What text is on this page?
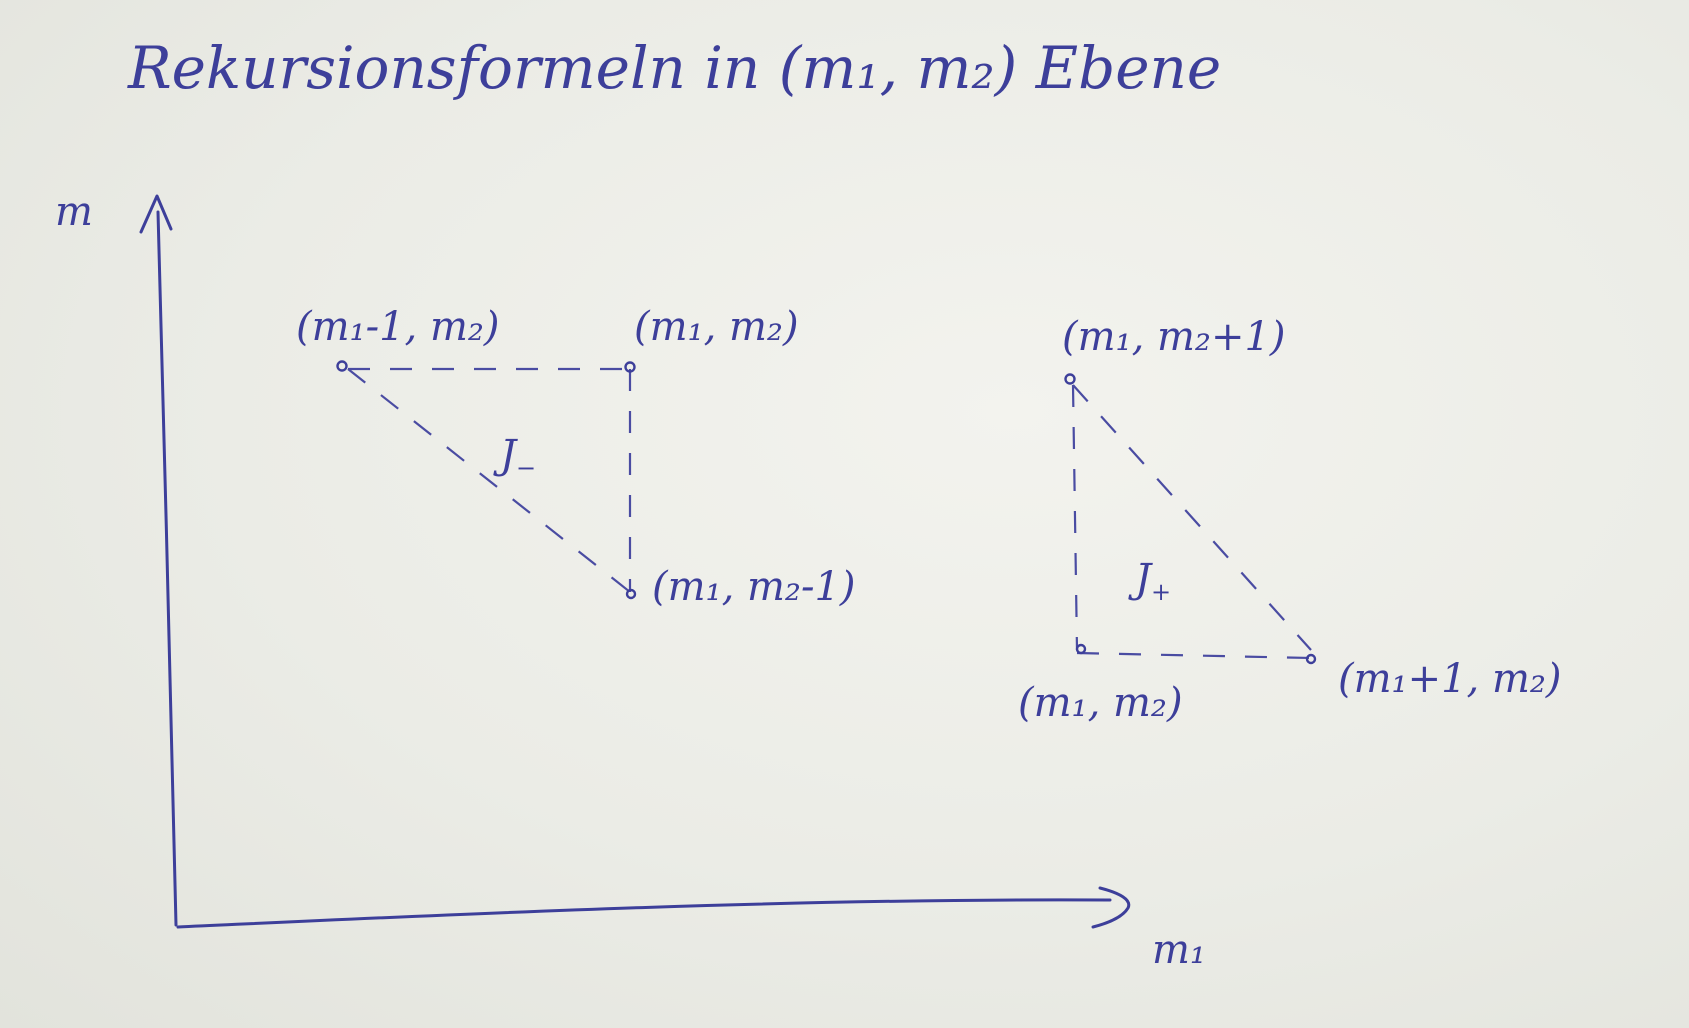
Rekursionsformeln in (m₁, m₂) Ebene
m
m₁
(m₁-1, m₂)	(m₁, m₂)
(m₁, m₂-1)
$J_-$
(m₁, m₂+1)
(m₁, m₂)
(m₁+1, m₂)
$J_+$
